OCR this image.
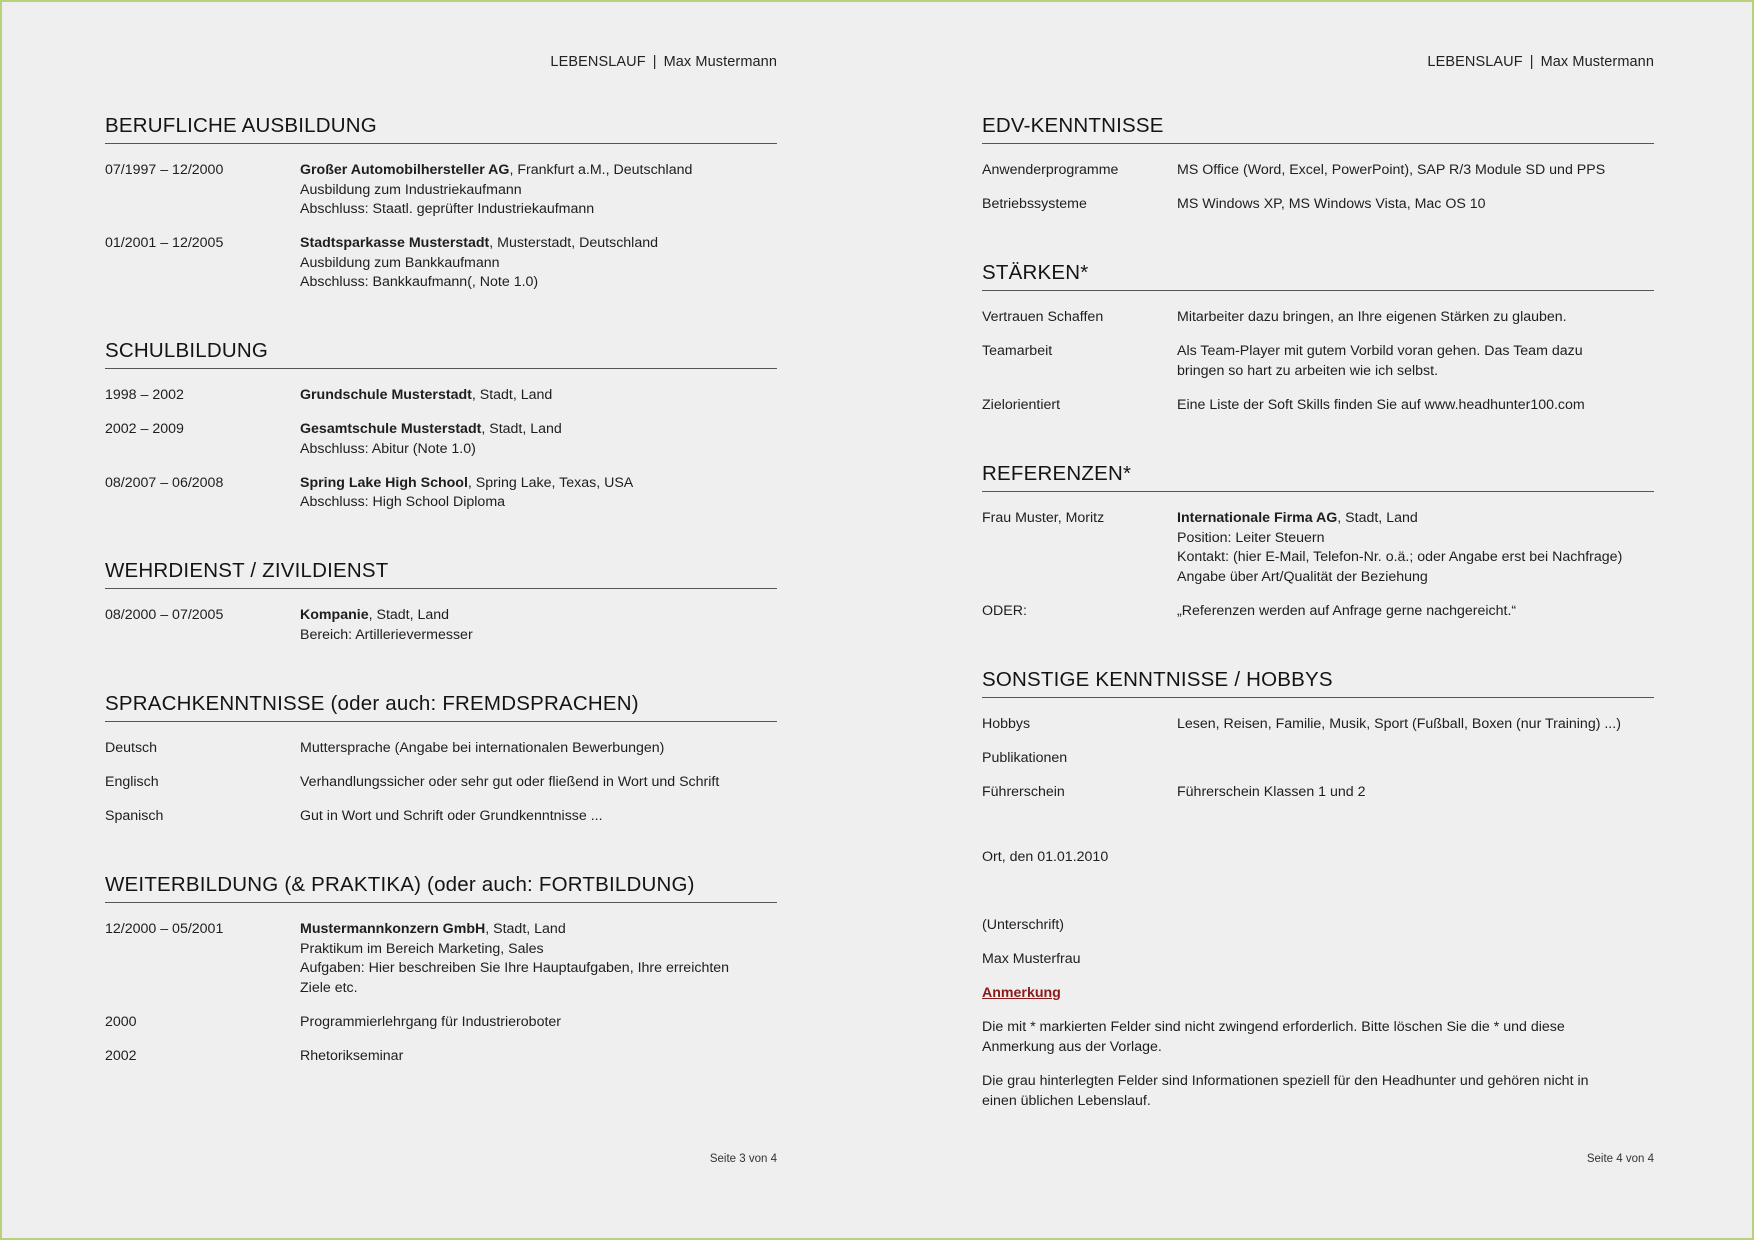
LEBENSLAUF | Max Mustermann
BERUFLICHE AUSBILDUNG
07/1997 – 12/2000	Großer Automobilhersteller AG, Frankfurt a.M., Deutschland
Ausbildung zum Industriekaufmann
Abschluss: Staatl. geprüfter Industriekaufmann
01/2001 – 12/2005	Stadtsparkasse Musterstadt, Musterstadt, Deutschland
Ausbildung zum Bankkaufmann
Abschluss: Bankkaufmann(, Note 1.0)
SCHULBILDUNG
1998 – 2002	Grundschule Musterstadt, Stadt, Land
2002 – 2009	Gesamtschule Musterstadt, Stadt, Land
Abschluss: Abitur (Note 1.0)
08/2007 – 06/2008	Spring Lake High School, Spring Lake, Texas, USA
Abschluss: High School Diploma
WEHRDIENST / ZIVILDIENST
08/2000 – 07/2005	Kompanie, Stadt, Land
Bereich: Artillerievermesser
SPRACHKENNTNISSE (oder auch: FREMDSPRACHEN)
Deutsch	Muttersprache (Angabe bei internationalen Bewerbungen)
Englisch	Verhandlungssicher oder sehr gut oder fließend in Wort und Schrift
Spanisch	Gut in Wort und Schrift oder Grundkenntnisse ...
WEITERBILDUNG (& PRAKTIKA) (oder auch: FORTBILDUNG)
12/2000 – 05/2001	Mustermannkonzern GmbH, Stadt, Land
Praktikum im Bereich Marketing, Sales
Aufgaben: Hier beschreiben Sie Ihre Hauptaufgaben, Ihre erreichten
Ziele etc.
2000	Programmierlehrgang für Industrieroboter
2002	Rhetorikseminar
Seite 3 von 4
LEBENSLAUF | Max Mustermann
EDV-KENNTNISSE
Anwenderprogramme	MS Office (Word, Excel, PowerPoint), SAP R/3 Module SD und PPS
Betriebssysteme	MS Windows XP, MS Windows Vista, Mac OS 10
STÄRKEN*
Vertrauen Schaffen	Mitarbeiter dazu bringen, an Ihre eigenen Stärken zu glauben.
Teamarbeit	Als Team-Player mit gutem Vorbild voran gehen. Das Team dazu
bringen so hart zu arbeiten wie ich selbst.
Zielorientiert	Eine Liste der Soft Skills finden Sie auf www.headhunter100.com
REFERENZEN*
Frau Muster, Moritz	Internationale Firma AG, Stadt, Land
Position: Leiter Steuern
Kontakt: (hier E-Mail, Telefon-Nr. o.ä.; oder Angabe erst bei Nachfrage)
Angabe über Art/Qualität der Beziehung
ODER:	„Referenzen werden auf Anfrage gerne nachgereicht.“
SONSTIGE KENNTNISSE / HOBBYS
Hobbys	Lesen, Reisen, Familie, Musik, Sport (Fußball, Boxen (nur Training) ...)
Publikationen
Führerschein	Führerschein Klassen 1 und 2
Ort, den 01.01.2010
(Unterschrift)
Max Musterfrau
Anmerkung
Die mit * markierten Felder sind nicht zwingend erforderlich. Bitte löschen Sie die * und diese
Anmerkung aus der Vorlage.
Die grau hinterlegten Felder sind Informationen speziell für den Headhunter und gehören nicht in
einen üblichen Lebenslauf.
Seite 4 von 4
